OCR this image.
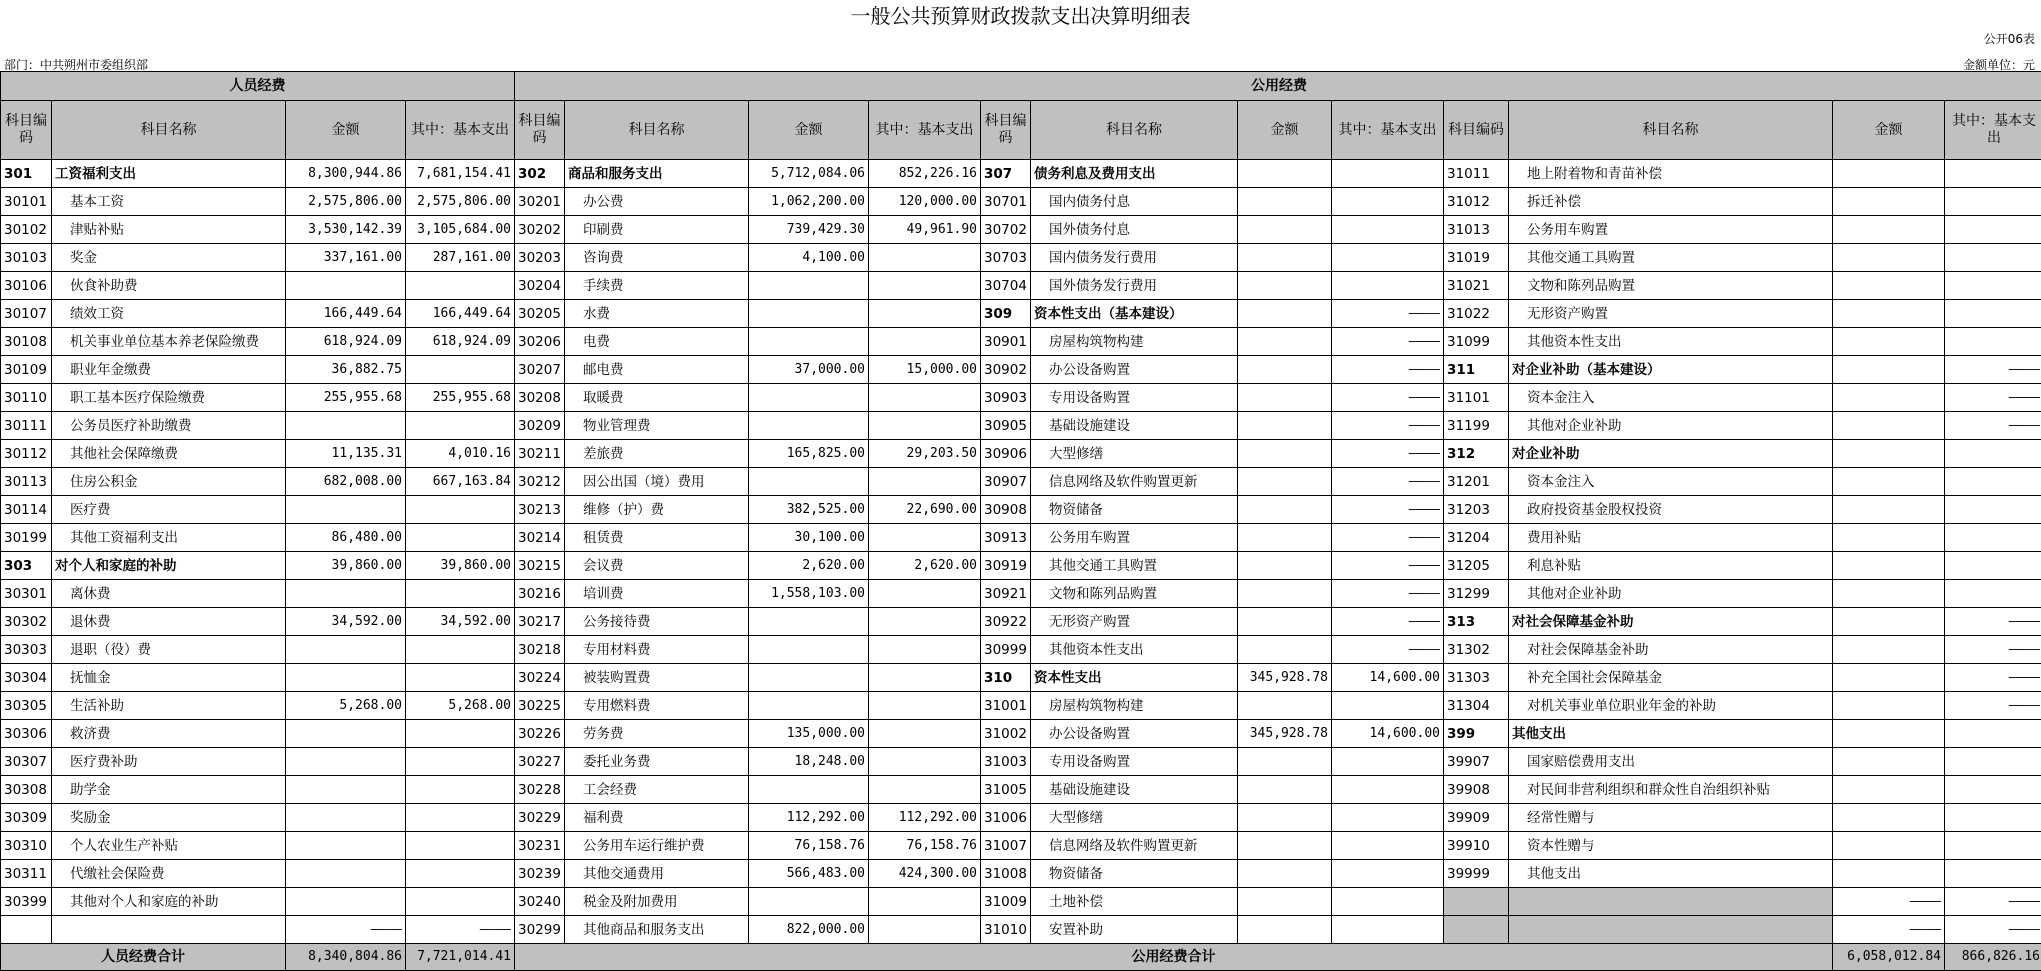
一般公共预算财政拨款支出决算明细表
公开06表
部门：中共朔州市委组织部	金额单位：元
人员经费				公用经费											
科目编码	科目名称	金额	其中：基本支出	科目编码	科目名称	金额	其中：基本支出	科目编码	科目名称	金额	其中：基本支出	科目编码	科目名称	金额	其中：基本支出
301	工资福利支出	8,300,944.86	7,681,154.41	302	商品和服务支出	5,712,084.06	852,226.16	307	债务利息及费用支出			31011	地上附着物和青苗补偿		
30101	基本工资	2,575,806.00	2,575,806.00	30201	办公费	1,062,200.00	120,000.00	30701	国内债务付息			31012	拆迁补偿		
30102	津贴补贴	3,530,142.39	3,105,684.00	30202	印刷费	739,429.30	49,961.90	30702	国外债务付息			31013	公务用车购置		
30103	奖金	337,161.00	287,161.00	30203	咨询费	4,100.00		30703	国内债务发行费用			31019	其他交通工具购置		
30106	伙食补助费			30204	手续费			30704	国外债务发行费用			31021	文物和陈列品购置		
30107	绩效工资	166,449.64	166,449.64	30205	水费			309	资本性支出（基本建设）		————	31022	无形资产购置		
30108	机关事业单位基本养老保险缴费	618,924.09	618,924.09	30206	电费			30901	房屋构筑物构建		————	31099	其他资本性支出		
30109	职业年金缴费	36,882.75		30207	邮电费	37,000.00	15,000.00	30902	办公设备购置		————	311	对企业补助（基本建设）		————
30110	职工基本医疗保险缴费	255,955.68	255,955.68	30208	取暖费			30903	专用设备购置		————	31101	资本金注入		————
30111	公务员医疗补助缴费			30209	物业管理费			30905	基础设施建设		————	31199	其他对企业补助		————
30112	其他社会保障缴费	11,135.31	4,010.16	30211	差旅费	165,825.00	29,203.50	30906	大型修缮		————	312	对企业补助		
30113	住房公积金	682,008.00	667,163.84	30212	因公出国（境）费用			30907	信息网络及软件购置更新		————	31201	资本金注入		
30114	医疗费			30213	维修（护）费	382,525.00	22,690.00	30908	物资储备		————	31203	政府投资基金股权投资		
30199	其他工资福利支出	86,480.00		30214	租赁费	30,100.00		30913	公务用车购置		————	31204	费用补贴		
303	对个人和家庭的补助	39,860.00	39,860.00	30215	会议费	2,620.00	2,620.00	30919	其他交通工具购置		————	31205	利息补贴		
30301	离休费			30216	培训费	1,558,103.00		30921	文物和陈列品购置		————	31299	其他对企业补助		
30302	退休费	34,592.00	34,592.00	30217	公务接待费			30922	无形资产购置		————	313	对社会保障基金补助		————
30303	退职（役）费			30218	专用材料费			30999	其他资本性支出		————	31302	对社会保障基金补助		————
30304	抚恤金			30224	被装购置费			310	资本性支出	345,928.78	14,600.00	31303	补充全国社会保障基金		————
30305	生活补助	5,268.00	5,268.00	30225	专用燃料费			31001	房屋构筑物构建			31304	对机关事业单位职业年金的补助		————
30306	救济费			30226	劳务费	135,000.00		31002	办公设备购置	345,928.78	14,600.00	399	其他支出		
30307	医疗费补助			30227	委托业务费	18,248.00		31003	专用设备购置			39907	国家赔偿费用支出		
30308	助学金			30228	工会经费			31005	基础设施建设			39908	对民间非营利组织和群众性自治组织补贴		
30309	奖励金			30229	福利费	112,292.00	112,292.00	31006	大型修缮			39909	经常性赠与		
30310	个人农业生产补贴			30231	公务用车运行维护费	76,158.76	76,158.76	31007	信息网络及软件购置更新			39910	资本性赠与		
30311	代缴社会保险费			30239	其他交通费用	566,483.00	424,300.00	31008	物资储备			39999	其他支出		
30399	其他对个人和家庭的补助			30240	税金及附加费用			31009	土地补偿					————	————
		————	————	30299	其他商品和服务支出	822,000.00		31010	安置补助					————	————
人员经费合计		8,340,804.86	7,721,014.41	公用经费合计										6,058,012.84	866,826.16
